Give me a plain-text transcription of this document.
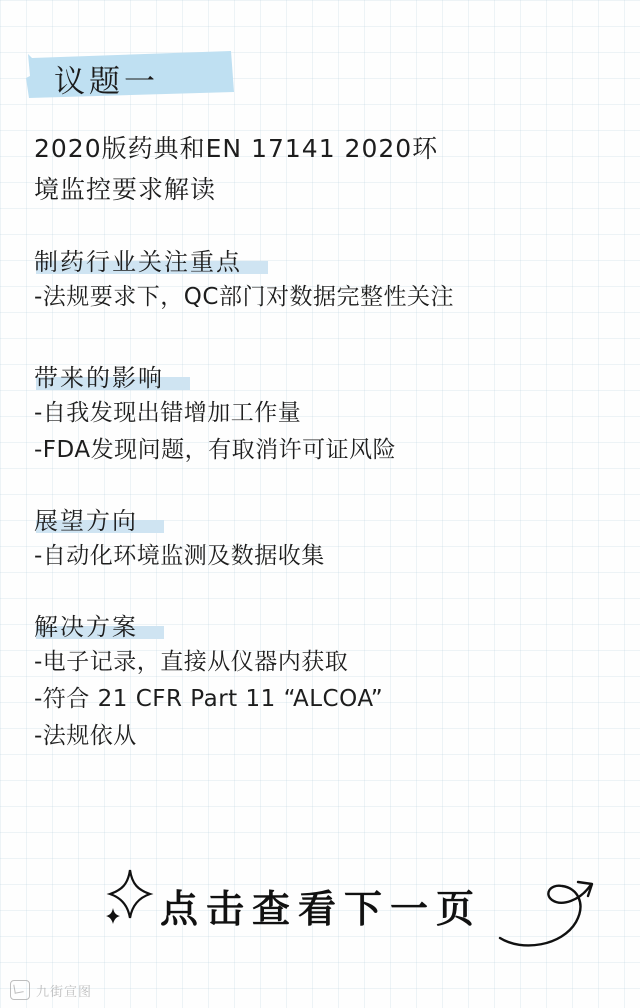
议题一
2020版药典和EN 17141 2020环
境监控要求解读
制药行业关注重点
-法规要求下，QC部门对数据完整性关注
带来的影响
-自我发现出错增加工作量
-FDA发现问题，有取消许可证风险
展望方向
-自动化环境监测及数据收集
解决方案
-电子记录，直接从仪器内获取
-符合 21 CFR Part 11 “ALCOA”
-法规依从
点击查看下一页
九街宣图
